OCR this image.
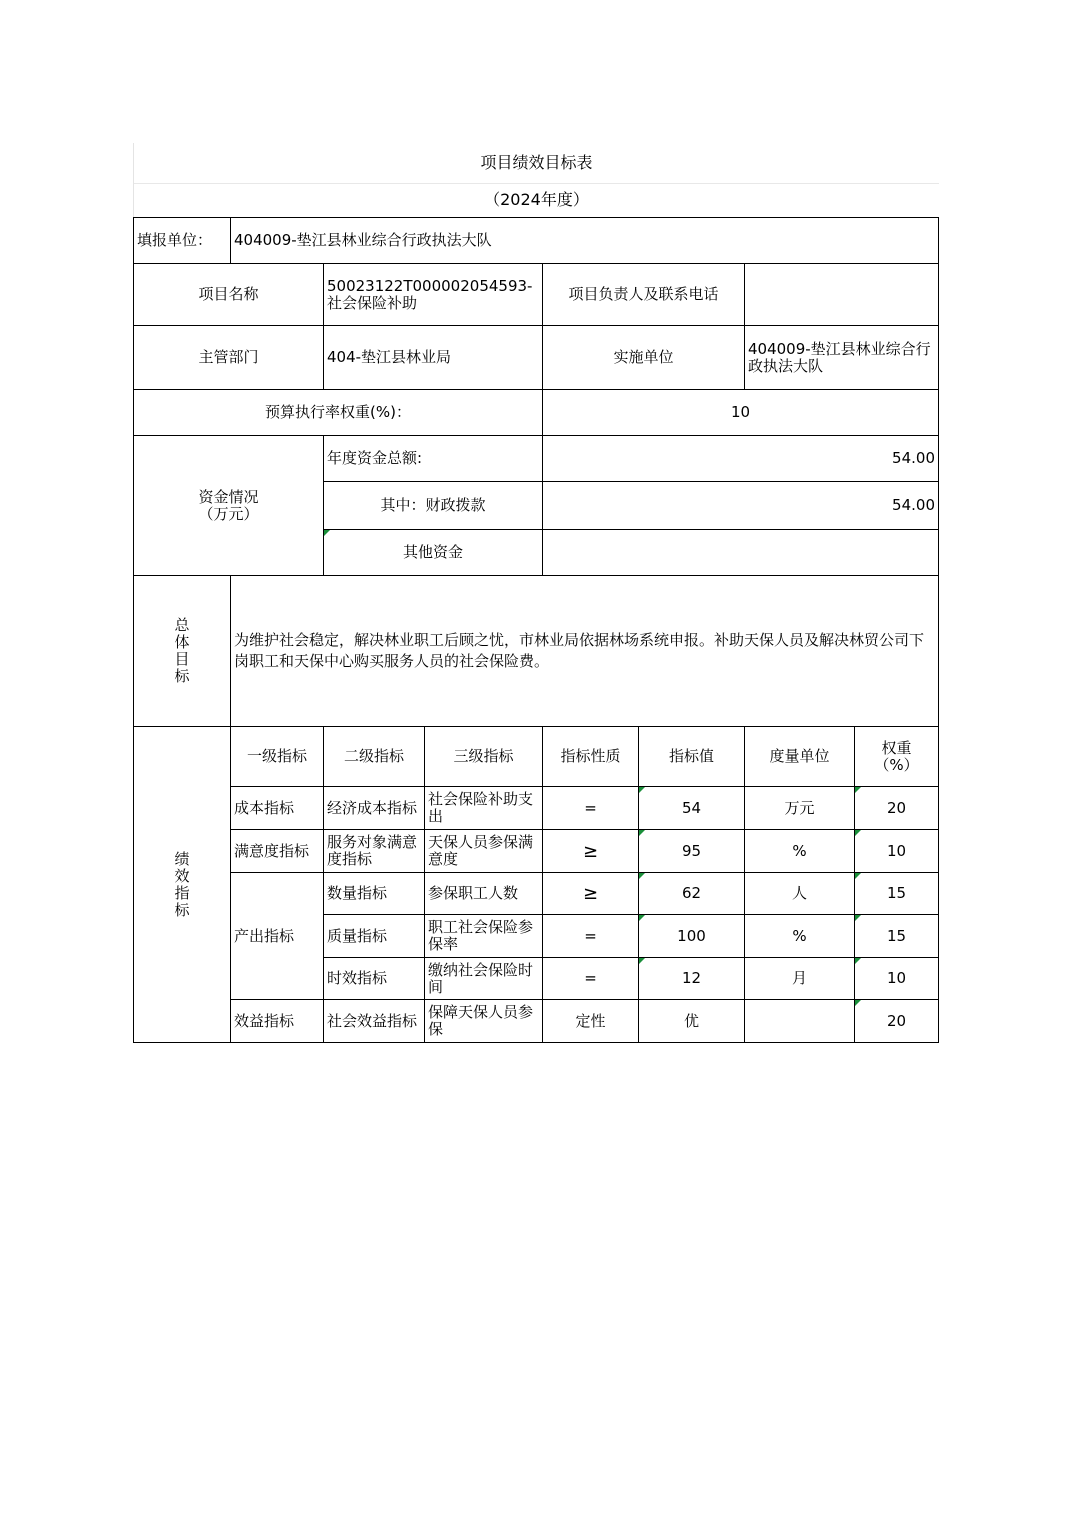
项目绩效目标表
（2024年度）
填报单位：	404009-垫江县林业综合行政执法大队						
项目名称		50023122T000002054593-社会保险补助		项目负责人及联系电话			
主管部门		404-垫江县林业局		实施单位		404009-垫江县林业综合行政执法大队	
预算执行率权重(%)：				10			
资金情况（万元）		年度资金总额:		54.00			
		其中：财政拨款		54.00			
		其他资金					
总体目标	为维护社会稳定，解决林业职工后顾之忧，市林业局依据林场系统申报。补助天保人员及解决林贸公司下岗职工和天保中心购买服务人员的社会保险费。						
绩效指标	一级指标	二级指标	三级指标	指标性质	指标值	度量单位	权重（%）
	成本指标	经济成本指标	社会保险补助支出	=	54	万元	20
	满意度指标	服务对象满意度指标	天保人员参保满意度	≥	95	%	10
	产出指标	数量指标	参保职工人数	≥	62	人	15
		质量指标	职工社会保险参保率	=	100	%	15
		时效指标	缴纳社会保险时间	=	12	月	10
	效益指标	社会效益指标	保障天保人员参保	定性	优		20
